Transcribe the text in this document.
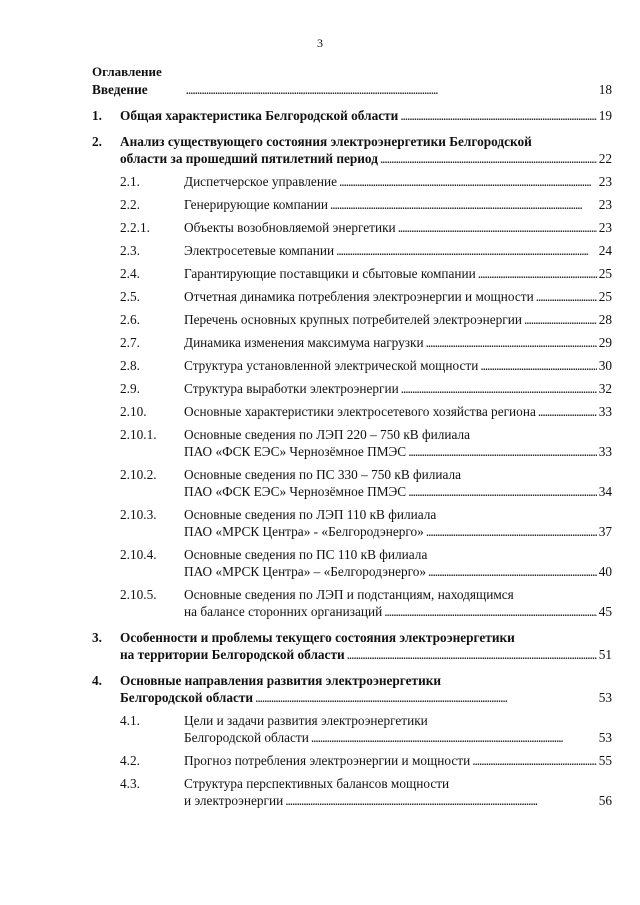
3
Оглавление
Введение . . .	18
1. Общая характеристика Белгородской области . . .	19
2. Анализ существующего состояния электроэнергетики Белгородской
области за прошедший пятилетний период . . .	22
2.1.	Диспетчерское управление . . .	23
2.2.	Генерирующие компании . . .	23
2.2.1.	Объекты возобновляемой энергетики . . .	23
2.3.	Электросетевые компании . . .	24
2.4.	Гарантирующие поставщики и сбытовые компании . . .	25
2.5.	Отчетная динамика потребления электроэнергии и мощности . . .	25
2.6.	Перечень основных крупных потребителей электроэнергии . . .	28
2.7.	Динамика изменения максимума нагрузки . . .	29
2.8.	Структура установленной электрической мощности . . .	30
2.9.	Структура выработки электроэнергии . . .	32
2.10.	Основные характеристики электросетевого хозяйства региона . . .	33
2.10.1. Основные сведения по ЛЭП 220 – 750 кВ филиала
ПАО «ФСК ЕЭС» Чернозёмное ПМЭС . . .	33
2.10.2. Основные сведения по ПС 330 – 750 кВ филиала
ПАО «ФСК ЕЭС» Чернозёмное ПМЭС . . .	34
2.10.3. Основные сведения по ЛЭП 110 кВ филиала
ПАО «МРСК Центра» - «Белгородэнерго» . . .	37
2.10.4. Основные сведения по ПС 110 кВ филиала
ПАО «МРСК Центра» – «Белгородэнерго» . . .	40
2.10.5. Основные сведения по ЛЭП и подстанциям, находящимся
на балансе сторонних организаций . . .	45
3. Особенности и проблемы текущего состояния электроэнергетики
на территории Белгородской области . . .	51
4. Основные направления развития электроэнергетики
Белгородской области . . .	53
4.1.	Цели и задачи развития электроэнергетики
Белгородской области . . .	53
4.2.	Прогноз потребления электроэнергии и мощности . . .	55
4.3.	Структура перспективных балансов мощности
и электроэнергии . . .	56
